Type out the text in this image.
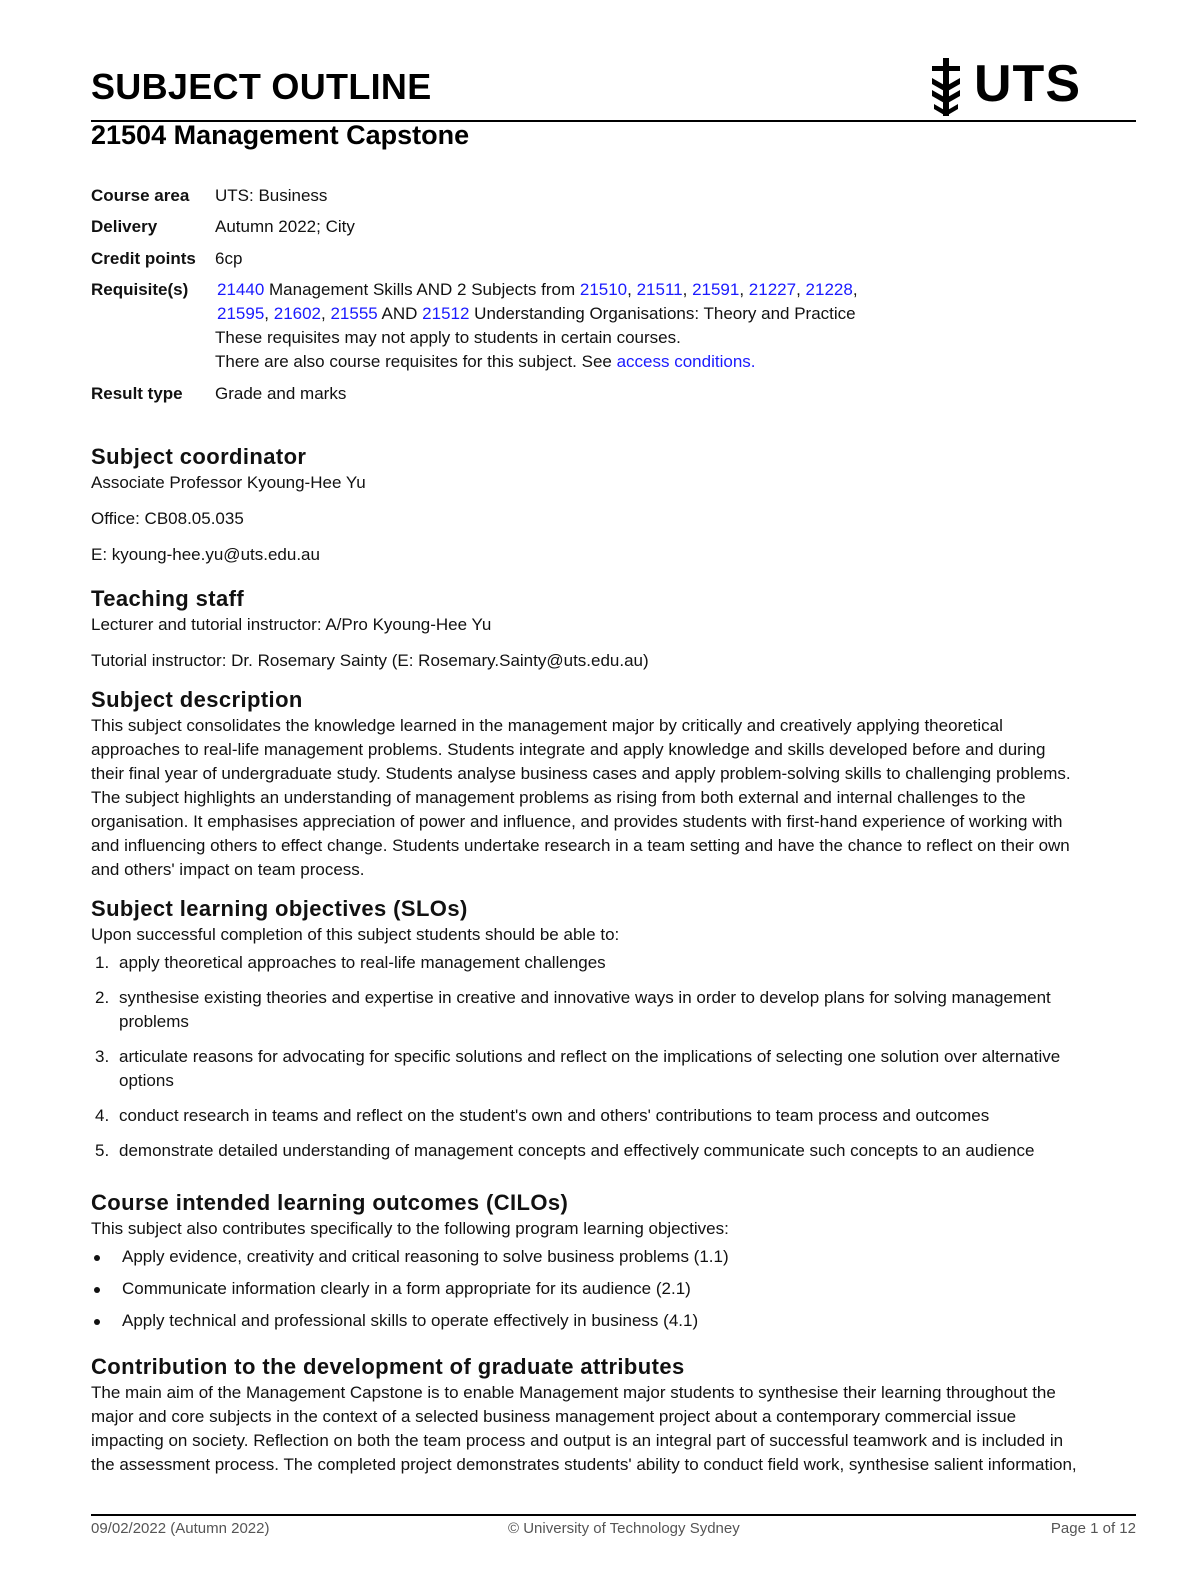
SUBJECT OUTLINE	UTS
21504 Management Capstone
Course area UTS: Business
Delivery	Autumn 2022; City
Credit points 6cp
Requisite(s) 21440 Management Skills AND 2 Subjects from 21510, 21511, 21591, 21227, 21228,
21595, 21602, 21555 AND 21512 Understanding Organisations: Theory and Practice
These requisites may not apply to students in certain courses.
There are also course requisites for this subject. See access conditions.
Result type Grade and marks
Subject coordinator

Associate Professor Kyoung-Hee Yu

Office: CB08.05.035

E: kyoung-hee.yu@uts.edu.au

Teaching staff

Lecturer and tutorial instructor: A/Pro Kyoung-Hee Yu

Tutorial instructor: Dr. Rosemary Sainty (E: Rosemary.Sainty@uts.edu.au)

Subject description
This subject consolidates the knowledge learned in the management major by critically and creatively applying theoretical
approaches to real-life management problems. Students integrate and apply knowledge and skills developed before and during
their final year of undergraduate study. Students analyse business cases and apply problem-solving skills to challenging problems.
The subject highlights an understanding of management problems as rising from both external and internal challenges to the
organisation. It emphasises appreciation of power and influence, and provides students with first-hand experience of working with
and influencing others to effect change. Students undertake research in a team setting and have the chance to reflect on their own
and others' impact on team process.
Subject learning objectives (SLOs)

Upon successful completion of this subject students should be able to:

1. apply theoretical approaches to real-life management challenges
2. synthesise existing theories and expertise in creative and innovative ways in order to develop plans for solving management
problems
3. articulate reasons for advocating for specific solutions and reflect on the implications of selecting one solution over alternative
options
4. conduct research in teams and reflect on the student's own and others' contributions to team process and outcomes
5. demonstrate detailed understanding of management concepts and effectively communicate such concepts to an audience
Course intended learning outcomes (CILOs)

This subject also contributes specifically to the following program learning objectives:

Apply evidence, creativity and critical reasoning to solve business problems (1.1)
Communicate information clearly in a form appropriate for its audience (2.1)
Apply technical and professional skills to operate effectively in business (4.1)
Contribution to the development of graduate attributes
The main aim of the Management Capstone is to enable Management major students to synthesise their learning throughout the
major and core subjects in the context of a selected business management project about a contemporary commercial issue
impacting on society. Reflection on both the team process and output is an integral part of successful teamwork and is included in
the assessment process. The completed project demonstrates students' ability to conduct field work, synthesise salient information,
09/02/2022 (Autumn 2022)	© University of Technology Sydney	Page 1 of 12
